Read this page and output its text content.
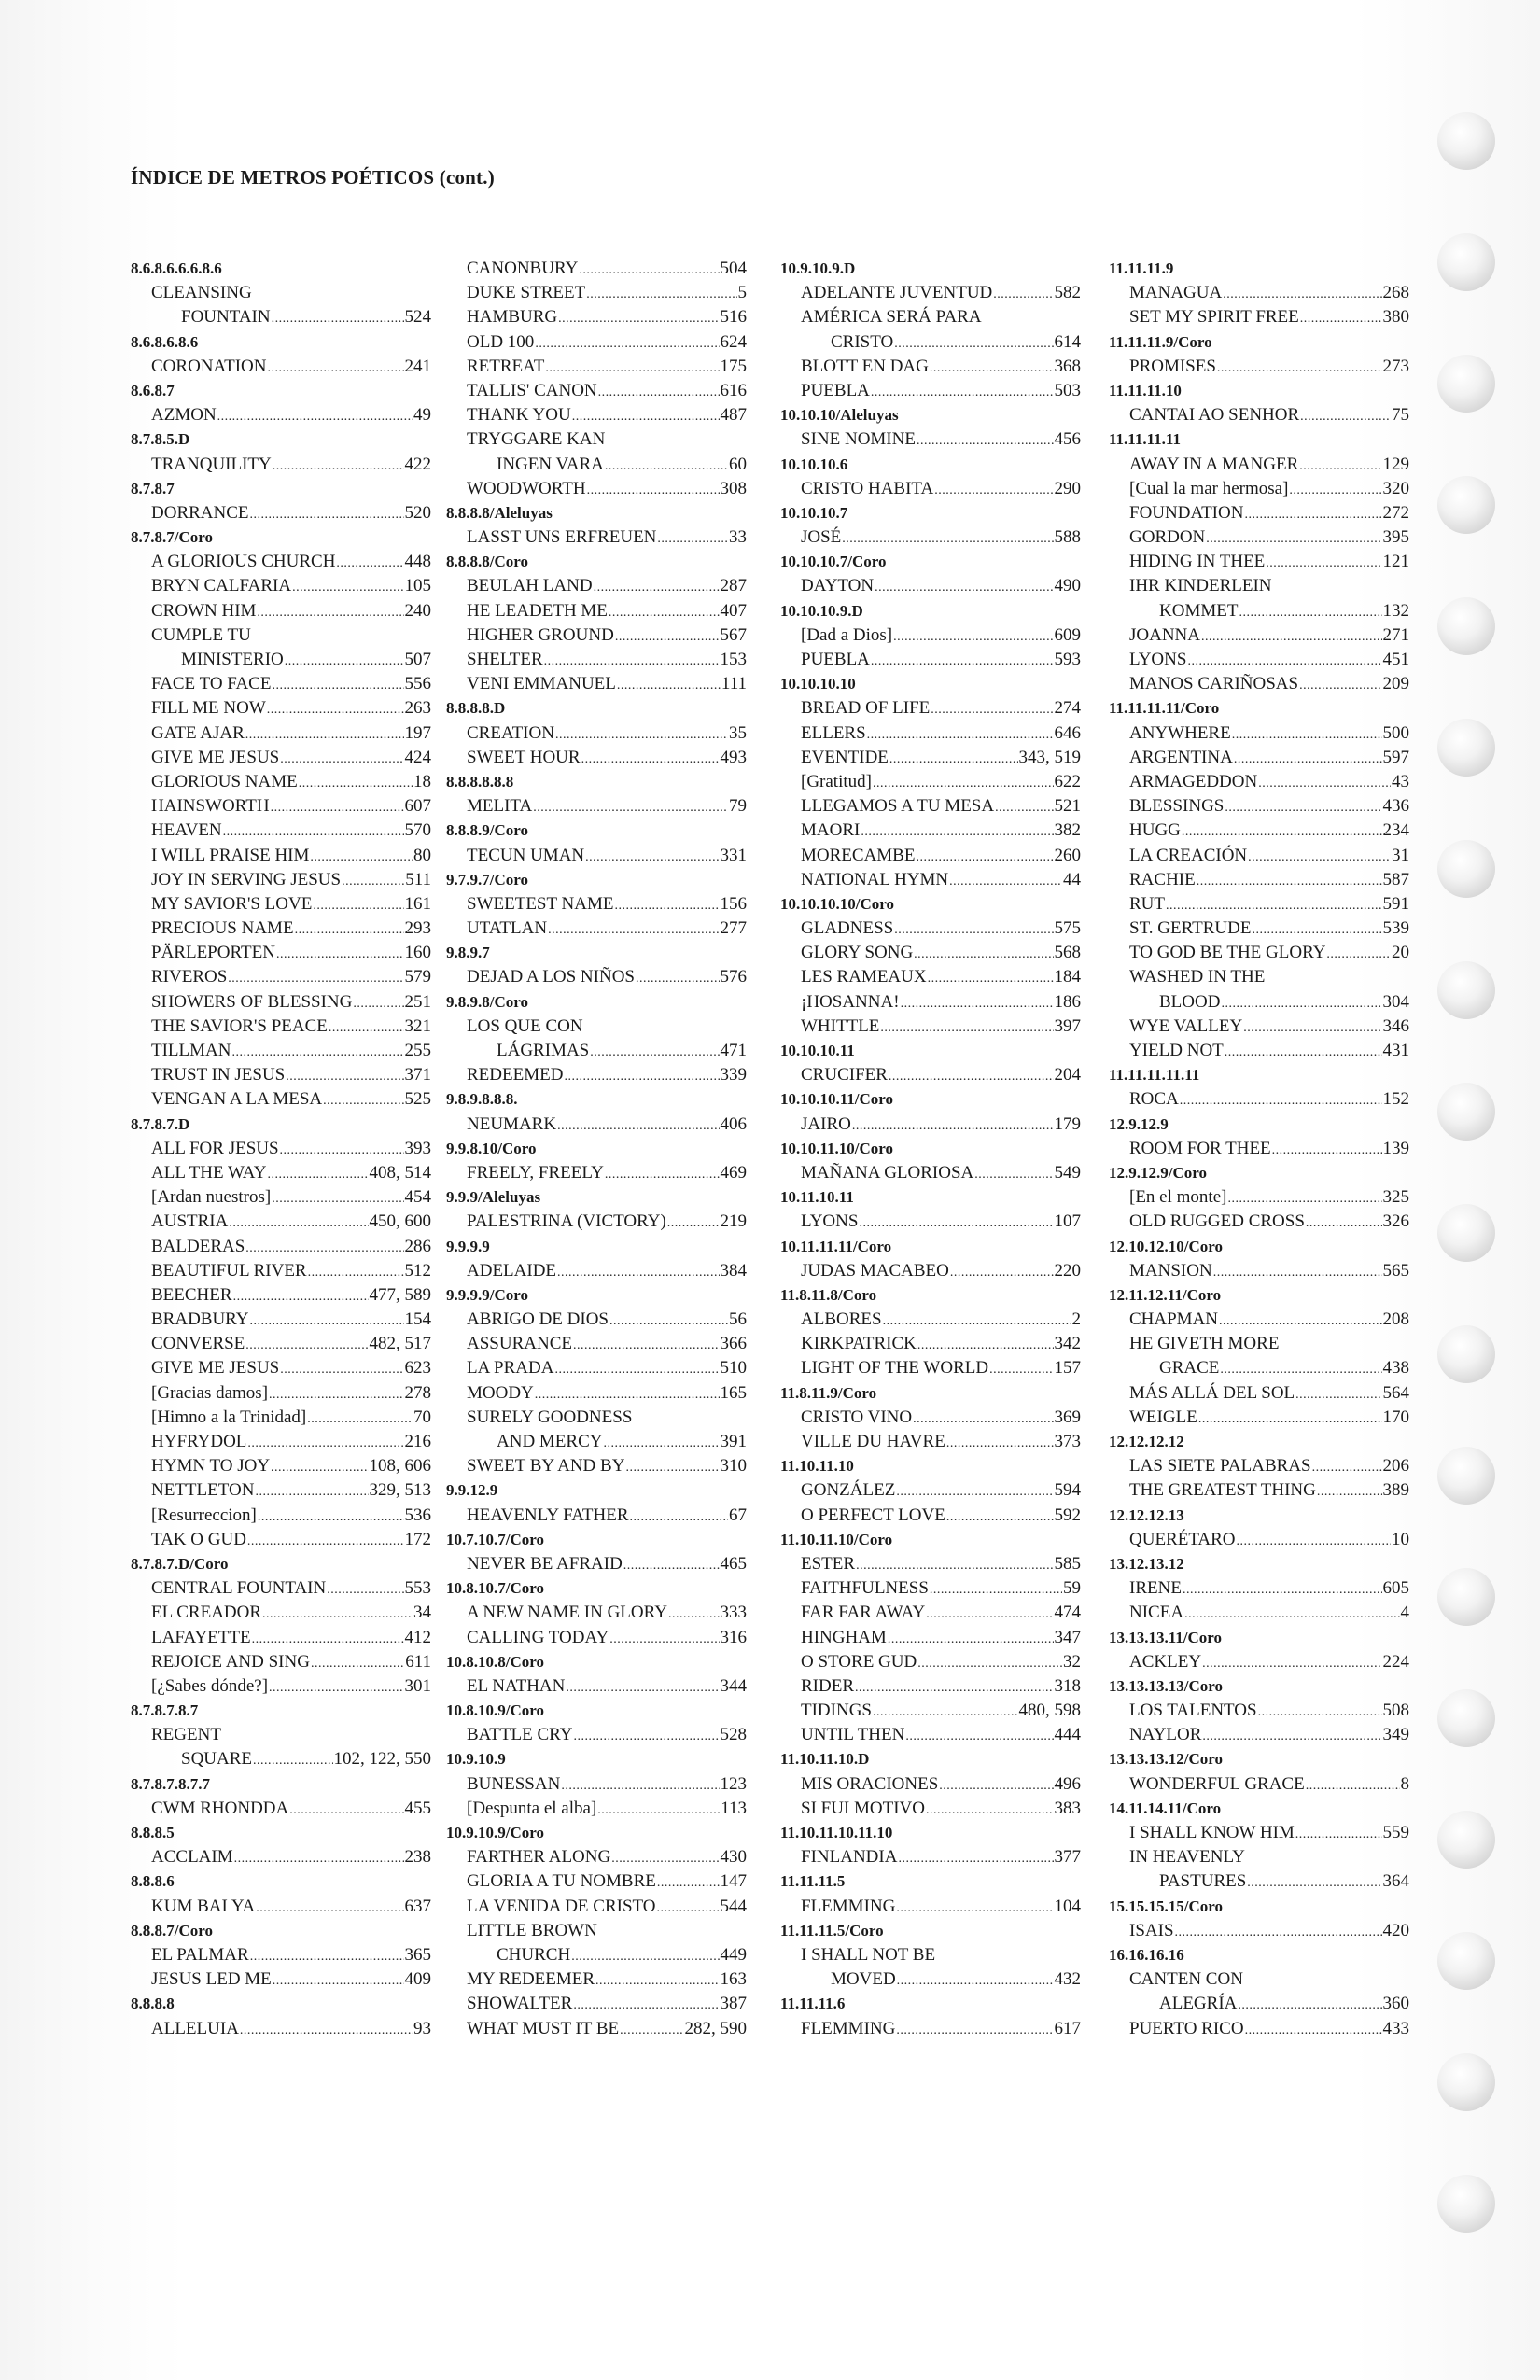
ÍNDICE DE METROS POÉTICOS (cont.)
8.6.8.6.6.6.8.6
CLEANSING
FOUNTAIN .....	524
8.6.8.6.8.6
CORONATION .....	241
8.6.8.7
AZMON .....	49
8.7.8.5.D
TRANQUILITY .....	422
8.7.8.7
DORRANCE .....	520
8.7.8.7/Coro
A GLORIOUS CHURCH .....	448
BRYN CALFARIA .....	105
CROWN HIM .....	240
CUMPLE TU
MINISTERIO .....	507
FACE TO FACE .....	556
FILL ME NOW .....	263
GATE AJAR .....	197
GIVE ME JESUS .....	424
GLORIOUS NAME .....	18
HAINSWORTH .....	607
HEAVEN .....	570
I WILL PRAISE HIM .....	80
JOY IN SERVING JESUS .....	511
MY SAVIOR'S LOVE .....	161
PRECIOUS NAME .....	293
PÄRLEPORTEN .....	160
RIVEROS .....	579
SHOWERS OF BLESSING .....	251
THE SAVIOR'S PEACE .....	321
TILLMAN .....	255
TRUST IN JESUS .....	371
VENGAN A LA MESA .....	525
8.7.8.7.D
ALL FOR JESUS .....	393
ALL THE WAY .....	408, 514
[Ardan nuestros] .....	454
AUSTRIA .....	450, 600
BALDERAS .....	286
BEAUTIFUL RIVER .....	512
BEECHER .....	477, 589
BRADBURY .....	154
CONVERSE .....	482, 517
GIVE ME JESUS .....	623
[Gracias damos] .....	278
[Himno a la Trinidad] .....	70
HYFRYDOL .....	216
HYMN TO JOY .....	108, 606
NETTLETON .....	329, 513
[Resurreccion] .....	536
TAK O GUD .....	172
8.7.8.7.D/Coro
CENTRAL FOUNTAIN .....	553
EL CREADOR .....	34
LAFAYETTE .....	412
REJOICE AND SING .....	611
[¿Sabes dónde?] .....	301
8.7.8.7.8.7
REGENT
SQUARE .....	102, 122, 550
8.7.8.7.8.7.7
CWM RHONDDA .....	455
8.8.8.5
ACCLAIM .....	238
8.8.8.6
KUM BAI YA .....	637
8.8.8.7/Coro
EL PALMAR .....	365
JESUS LED ME .....	409
8.8.8.8
ALLELUIA .....	93
CANONBURY .....	504
DUKE STREET .....	5
HAMBURG .....	516
OLD 100 .....	624
RETREAT .....	175
TALLIS' CANON .....	616
THANK YOU .....	487
TRYGGARE KAN
INGEN VARA .....	60
WOODWORTH .....	308
8.8.8.8/Aleluyas
LASST UNS ERFREUEN .....	33
8.8.8.8/Coro
BEULAH LAND .....	287
HE LEADETH ME .....	407
HIGHER GROUND .....	567
SHELTER .....	153
VENI EMMANUEL .....	111
8.8.8.8.D
CREATION .....	35
SWEET HOUR .....	493
8.8.8.8.8.8
MELITA .....	79
8.8.8.9/Coro
TECUN UMAN .....	331
9.7.9.7/Coro
SWEETEST NAME .....	156
UTATLAN .....	277
9.8.9.7
DEJAD A LOS NIÑOS .....	576
9.8.9.8/Coro
LOS QUE CON
LÁGRIMAS .....	471
REDEEMED .....	339
9.8.9.8.8.8.
NEUMARK .....	406
9.9.8.10/Coro
FREELY, FREELY .....	469
9.9.9/Aleluyas
PALESTRINA (VICTORY) .....	219
9.9.9.9
ADELAIDE .....	384
9.9.9.9/Coro
ABRIGO DE DIOS .....	56
ASSURANCE .....	366
LA PRADA .....	510
MOODY .....	165
SURELY GOODNESS
AND MERCY .....	391
SWEET BY AND BY .....	310
9.9.12.9
HEAVENLY FATHER .....	67
10.7.10.7/Coro
NEVER BE AFRAID .....	465
10.8.10.7/Coro
A NEW NAME IN GLORY .....	333
CALLING TODAY .....	316
10.8.10.8/Coro
EL NATHAN .....	344
10.8.10.9/Coro
BATTLE CRY .....	528
10.9.10.9
BUNESSAN .....	123
[Despunta el alba] .....	113
10.9.10.9/Coro
FARTHER ALONG .....	430
GLORIA A TU NOMBRE .....	147
LA VENIDA DE CRISTO .....	544
LITTLE BROWN
CHURCH .....	449
MY REDEEMER .....	163
SHOWALTER .....	387
WHAT MUST IT BE .....	282, 590
10.9.10.9.D
ADELANTE JUVENTUD .....	582
AMÉRICA SERÁ PARA
CRISTO .....	614
BLOTT EN DAG .....	368
PUEBLA .....	503
10.10.10/Aleluyas
SINE NOMINE .....	456
10.10.10.6
CRISTO HABITA .....	290
10.10.10.7
JOSÉ .....	588
10.10.10.7/Coro
DAYTON .....	490
10.10.10.9.D
[Dad a Dios] .....	609
PUEBLA .....	593
10.10.10.10
BREAD OF LIFE .....	274
ELLERS .....	646
EVENTIDE .....	343, 519
[Gratitud] .....	622
LLEGAMOS A TU MESA .....	521
MAORI .....	382
MORECAMBE .....	260
NATIONAL HYMN .....	44
10.10.10.10/Coro
GLADNESS .....	575
GLORY SONG .....	568
LES RAMEAUX .....	184
¡HOSANNA! .....	186
WHITTLE .....	397
10.10.10.11
CRUCIFER .....	204
10.10.10.11/Coro
JAIRO .....	179
10.10.11.10/Coro
MAÑANA GLORIOSA .....	549
10.11.10.11
LYONS .....	107
10.11.11.11/Coro
JUDAS MACABEO .....	220
11.8.11.8/Coro
ALBORES .....	2
KIRKPATRICK .....	342
LIGHT OF THE WORLD .....	157
11.8.11.9/Coro
CRISTO VINO .....	369
VILLE DU HAVRE .....	373
11.10.11.10
GONZÁLEZ .....	594
O PERFECT LOVE .....	592
11.10.11.10/Coro
ESTER .....	585
FAITHFULNESS .....	59
FAR FAR AWAY .....	474
HINGHAM .....	347
O STORE GUD .....	32
RIDER .....	318
TIDINGS .....	480, 598
UNTIL THEN .....	444
11.10.11.10.D
MIS ORACIONES .....	496
SI FUI MOTIVO .....	383
11.10.11.10.11.10
FINLANDIA .....	377
11.11.11.5
FLEMMING .....	104
11.11.11.5/Coro
I SHALL NOT BE
MOVED .....	432
11.11.11.6
FLEMMING .....	617
11.11.11.9
MANAGUA .....	268
SET MY SPIRIT FREE .....	380
11.11.11.9/Coro
PROMISES .....	273
11.11.11.10
CANTAI AO SENHOR .....	75
11.11.11.11
AWAY IN A MANGER .....	129
[Cual la mar hermosa] .....	320
FOUNDATION .....	272
GORDON .....	395
HIDING IN THEE .....	121
IHR KINDERLEIN
KOMMET .....	132
JOANNA .....	271
LYONS .....	451
MANOS CARIÑOSAS .....	209
11.11.11.11/Coro
ANYWHERE .....	500
ARGENTINA .....	597
ARMAGEDDON .....	43
BLESSINGS .....	436
HUGG .....	234
LA CREACIÓN .....	31
RACHIE .....	587
RUT .....	591
ST. GERTRUDE .....	539
TO GOD BE THE GLORY .....	20
WASHED IN THE
BLOOD .....	304
WYE VALLEY .....	346
YIELD NOT .....	431
11.11.11.11.11
ROCA .....	152
12.9.12.9
ROOM FOR THEE .....	139
12.9.12.9/Coro
[En el monte] .....	325
OLD RUGGED CROSS .....	326
12.10.12.10/Coro
MANSION .....	565
12.11.12.11/Coro
CHAPMAN .....	208
HE GIVETH MORE
GRACE .....	438
MÁS ALLÁ DEL SOL .....	564
WEIGLE .....	170
12.12.12.12
LAS SIETE PALABRAS .....	206
THE GREATEST THING .....	389
12.12.12.13
QUERÉTARO .....	10
13.12.13.12
IRENE .....	605
NICEA .....	4
13.13.13.11/Coro
ACKLEY .....	224
13.13.13.13/Coro
LOS TALENTOS .....	508
NAYLOR .....	349
13.13.13.12/Coro
WONDERFUL GRACE .....	8
14.11.14.11/Coro
I SHALL KNOW HIM .....	559
IN HEAVENLY
PASTURES .....	364
15.15.15.15/Coro
ISAIS .....	420
16.16.16.16
CANTEN CON
ALEGRÍA .....	360
PUERTO RICO .....	433
